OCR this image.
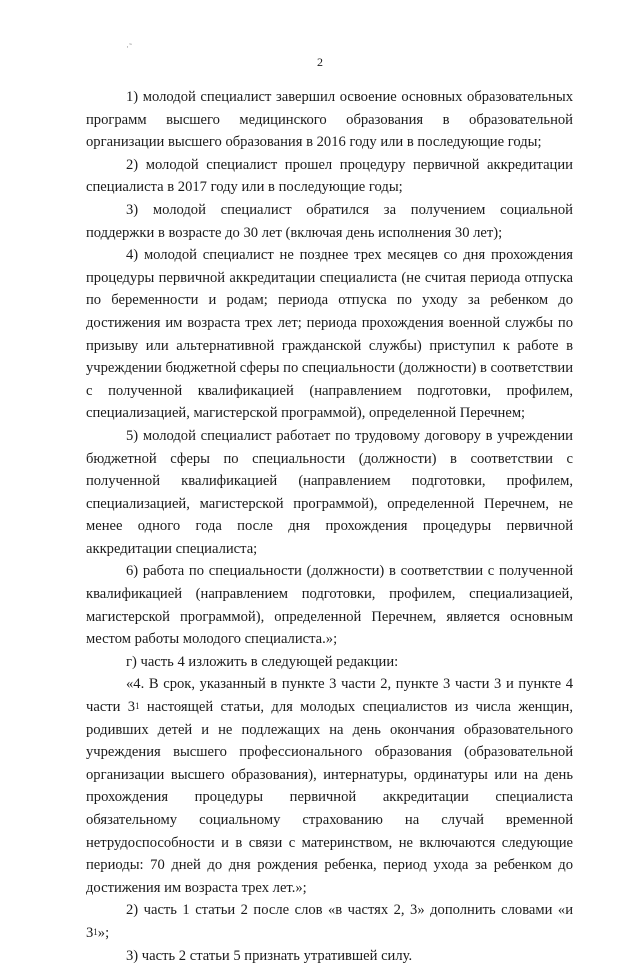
·˜
2

1) молодой специалист завершил освоение основных образовательных программ высшего медицинского образования в образовательной организации высшего образования в 2016 году или в последующие годы;

2) молодой специалист прошел процедуру первичной аккредитации специалиста в 2017 году или в последующие годы;

3) молодой специалист обратился за получением социальной поддержки в возрасте до 30 лет (включая день исполнения 30 лет);

4) молодой специалист не позднее трех месяцев со дня прохождения процедуры первичной аккредитации специалиста (не считая периода отпуска по беременности и родам; периода отпуска по уходу за ребенком до достижения им возраста трех лет; периода прохождения военной службы по призыву или альтернативной гражданской службы) приступил к работе в учреждении бюджетной сферы по специальности (должности) в соответствии с полученной квалификацией (направлением подготовки, профилем, специализацией, магистерской программой), определенной Перечнем;

5) молодой специалист работает по трудовому договору в учреждении бюджетной сферы по специальности (должности) в соответствии с полученной квалификацией (направлением подготовки, профилем, специализацией, магистерской программой), определенной Перечнем, не менее одного года после дня прохождения процедуры первичной аккредитации специалиста;

6) работа по специальности (должности) в соответствии с полученной квалификацией (направлением подготовки, профилем, специализацией, магистерской программой), определенной Перечнем, является основным местом работы молодого специалиста.»;

г) часть 4 изложить в следующей редакции:

«4. В срок, указанный в пункте 3 части 2, пункте 3 части 3 и пункте 4 части $3^1$ настоящей статьи, для молодых специалистов из числа женщин, родивших детей и не подлежащих на день окончания образовательного учреждения высшего профессионального образования (образовательной организации высшего образования), интернатуры, ординатуры или на день прохождения процедуры первичной аккредитации специалиста обязательному социальному страхованию на случай временной нетрудоспособности и в связи с материнством, не включаются следующие периоды: 70 дней до дня рождения ребенка, период ухода за ребенком до достижения им возраста трех лет.»;

2) часть 1 статьи 2 после слов «в частях 2, 3» дополнить словами «и $3^1$»;

3) часть 2 статьи 5 признать утратившей силу.
